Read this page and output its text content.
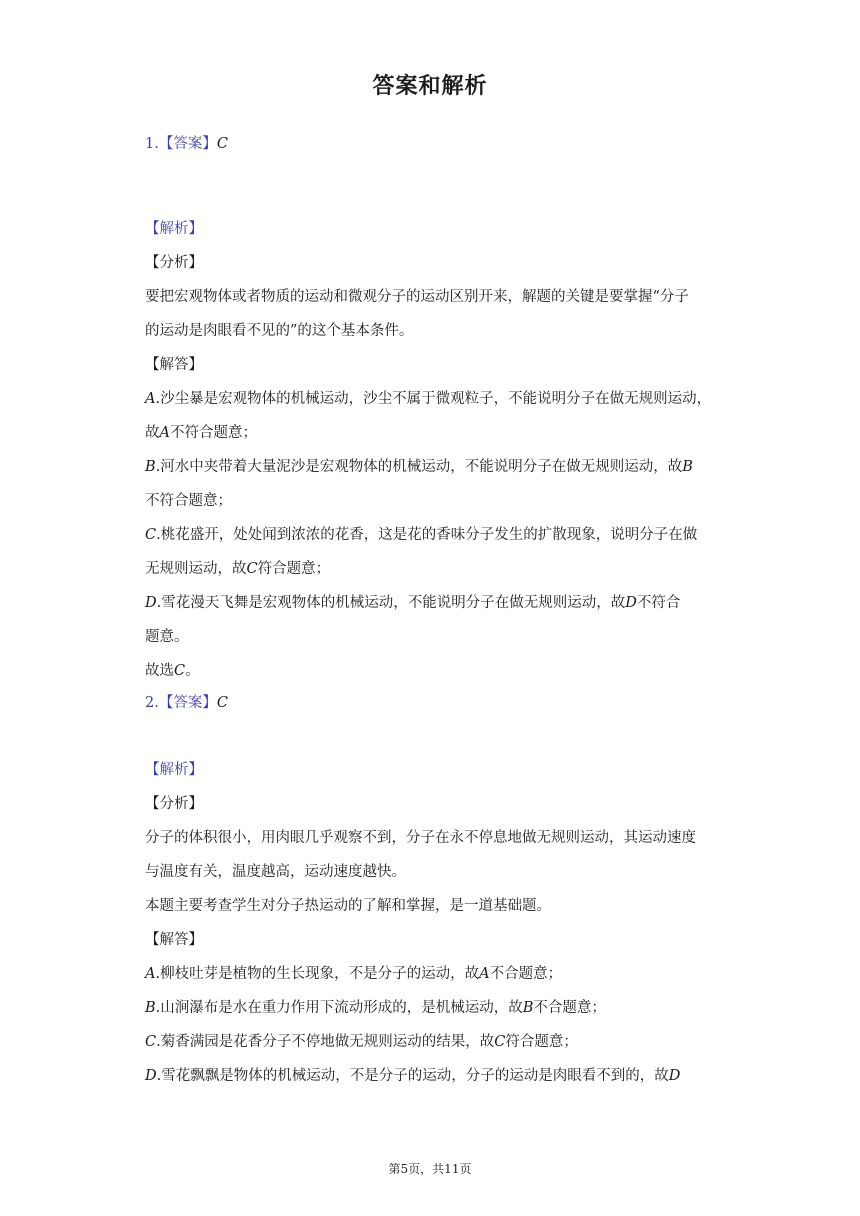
答案和解析
1.【答案】C
【解析】
【分析】
要把宏观物体或者物质的运动和微观分子的运动区别开来，解题的关键是要掌握“分子
的运动是肉眼看不见的”的这个基本条件。
【解答】
A.沙尘暴是宏观物体的机械运动，沙尘不属于微观粒子，不能说明分子在做无规则运动，
故A不符合题意；
B.河水中夹带着大量泥沙是宏观物体的机械运动，不能说明分子在做无规则运动，故B
不符合题意；
C.桃花盛开，处处闻到浓浓的花香，这是花的香味分子发生的扩散现象，说明分子在做
无规则运动，故C符合题意；
D.雪花漫天飞舞是宏观物体的机械运动，不能说明分子在做无规则运动，故D不符合
题意。
故选C。
2.【答案】C
【解析】
【分析】
分子的体积很小，用肉眼几乎观察不到，分子在永不停息地做无规则运动，其运动速度
与温度有关，温度越高，运动速度越快。
本题主要考查学生对分子热运动的了解和掌握，是一道基础题。
【解答】
A.柳枝吐芽是植物的生长现象，不是分子的运动，故A不合题意；
B.山涧瀑布是水在重力作用下流动形成的，是机械运动，故B不合题意；
C.菊香满园是花香分子不停地做无规则运动的结果，故C符合题意；
D.雪花飘飘是物体的机械运动，不是分子的运动，分子的运动是肉眼看不到的，故D
第5页，共11页
